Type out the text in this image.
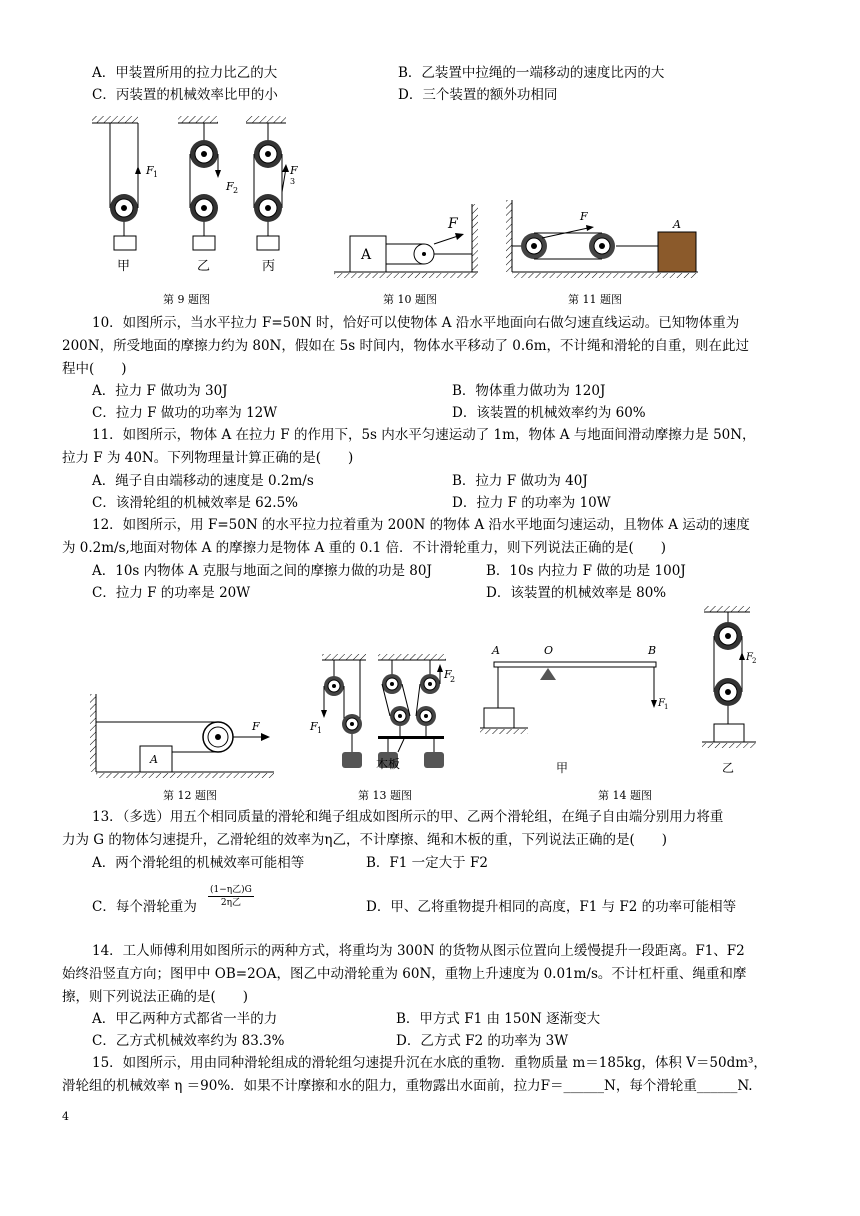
A．甲装置所用的拉力比乙的大	B．乙装置中拉绳的一端移动的速度比丙的大
C．丙装置的机械效率比甲的小	D．三个装置的额外功相同
F 1
甲
F 2
乙
F
3
丙
A
F	F
A
第 9 题图	第 10 题图	第 11 题图
10．如图所示，当水平拉力 F=50N 时，恰好可以使物体 A 沿水平地面向右做匀速直线运动。已知物体重为
200N，所受地面的摩擦力约为 80N，假如在 5s 时间内，物体水平移动了 0.6m，不计绳和滑轮的自重，则在此过
程中(　　)
A．拉力 F 做功为 30J	B．物体重力做功为 120J
C．拉力 F 做功的功率为 12W	D．该装置的机械效率约为 60%
11．如图所示，物体 A 在拉力 F 的作用下，5s 内水平匀速运动了 1m，物体 A 与地面间滑动摩擦力是 50N，
拉力 F 为 40N。下列物理量计算正确的是(　　)
A．绳子自由端移动的速度是 0.2m/s	B．拉力 F 做功为 40J
C．该滑轮组的机械效率是 62.5%	D．拉力 F 的功率为 10W
12．如图所示，用 F=50N 的水平拉力拉着重为 200N 的物体 A 沿水平地面匀速运动，且物体 A 运动的速度
为 0.2m/s,地面对物体 A 的摩擦力是物体 A 重的 0.1 倍．不计滑轮重力，则下列说法正确的是(　　)
A．10s 内物体 A 克服与地面之间的摩擦力做的功是 80J	B．10s 内拉力 F 做的功是 100J
C．拉力 F 的功率是 20W	D．该装置的机械效率是 80%
A
F	F 1
F
2
木板
A	O	B
F 1
甲
F 2
乙
第 12 题图	第 13 题图	第 14 题图
13．（多选）用五个相同质量的滑轮和绳子组成如图所示的甲、乙两个滑轮组，在绳子自由端分别用力将重
力为 G 的物体匀速提升，乙滑轮组的效率为η乙，不计摩擦、绳和木板的重，下列说法正确的是(　　)
A．两个滑轮组的机械效率可能相等	B．F1 一定大于 F2
C．每个滑轮重为
(1−η乙)G
2η乙	D．甲、乙将重物提升相同的高度，F1 与 F2 的功率可能相等
14．工人师傅利用如图所示的两种方式，将重均为 300N 的货物从图示位置向上缓慢提升一段距离。F1、F2
始终沿竖直方向；图甲中 OB=2OA，图乙中动滑轮重为 60N，重物上升速度为 0.01m/s。不计杠杆重、绳重和摩
擦，则下列说法正确的是(　　)
A．甲乙两种方式都省一半的力	B．甲方式 F1 由 150N 逐渐变大
C．乙方式机械效率约为 83.3%	D．乙方式 F2 的功率为 3W
15．如图所示，用由同种滑轮组成的滑轮组匀速提升沉在水底的重物．重物质量 m＝185kg，体积 V＝50dm³，
滑轮组的机械效率 η ＝90%．如果不计摩擦和水的阻力，重物露出水面前，拉力F＝______N，每个滑轮重______N.
4
